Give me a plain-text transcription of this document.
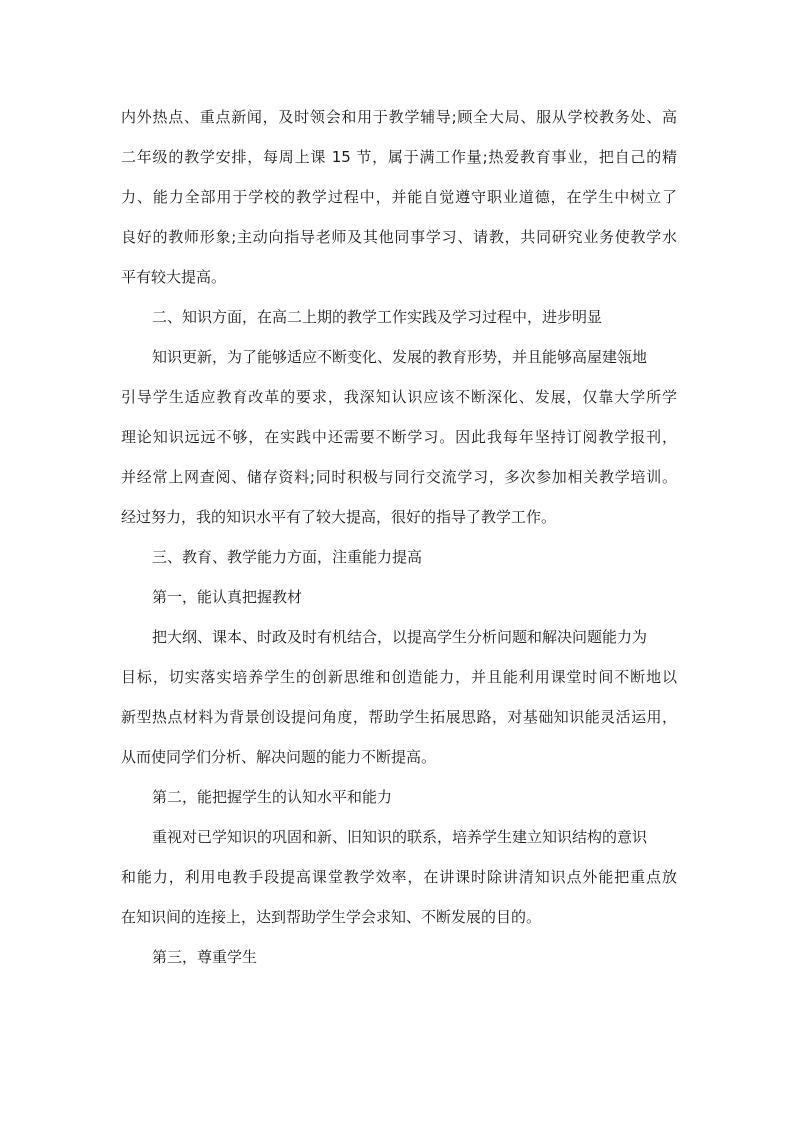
内外热点、重点新闻，及时领会和用于教学辅导;顾全大局、服从学校教务处、高
二年级的教学安排，每周上课 15 节，属于满工作量;热爱教育事业，把自己的精
力、能力全部用于学校的教学过程中，并能自觉遵守职业道德，在学生中树立了
良好的教师形象;主动向指导老师及其他同事学习、请教，共同研究业务使教学水
平有较大提高。
二、知识方面，在高二上期的教学工作实践及学习过程中，进步明显
知识更新，为了能够适应不断变化、发展的教育形势，并且能够高屋建瓴地
引导学生适应教育改革的要求，我深知认识应该不断深化、发展，仅靠大学所学
理论知识远远不够，在实践中还需要不断学习。因此我每年坚持订阅教学报刊，
并经常上网查阅、储存资料;同时积极与同行交流学习，多次参加相关教学培训。
经过努力，我的知识水平有了较大提高，很好的指导了教学工作。
三、教育、教学能力方面，注重能力提高
第一，能认真把握教材
把大纲、课本、时政及时有机结合，以提高学生分析问题和解决问题能力为
目标，切实落实培养学生的创新思维和创造能力，并且能利用课堂时间不断地以
新型热点材料为背景创设提问角度，帮助学生拓展思路，对基础知识能灵活运用，
从而使同学们分析、解决问题的能力不断提高。
第二，能把握学生的认知水平和能力
重视对已学知识的巩固和新、旧知识的联系，培养学生建立知识结构的意识
和能力，利用电教手段提高课堂教学效率，在讲课时除讲清知识点外能把重点放
在知识间的连接上，达到帮助学生学会求知、不断发展的目的。
第三，尊重学生
